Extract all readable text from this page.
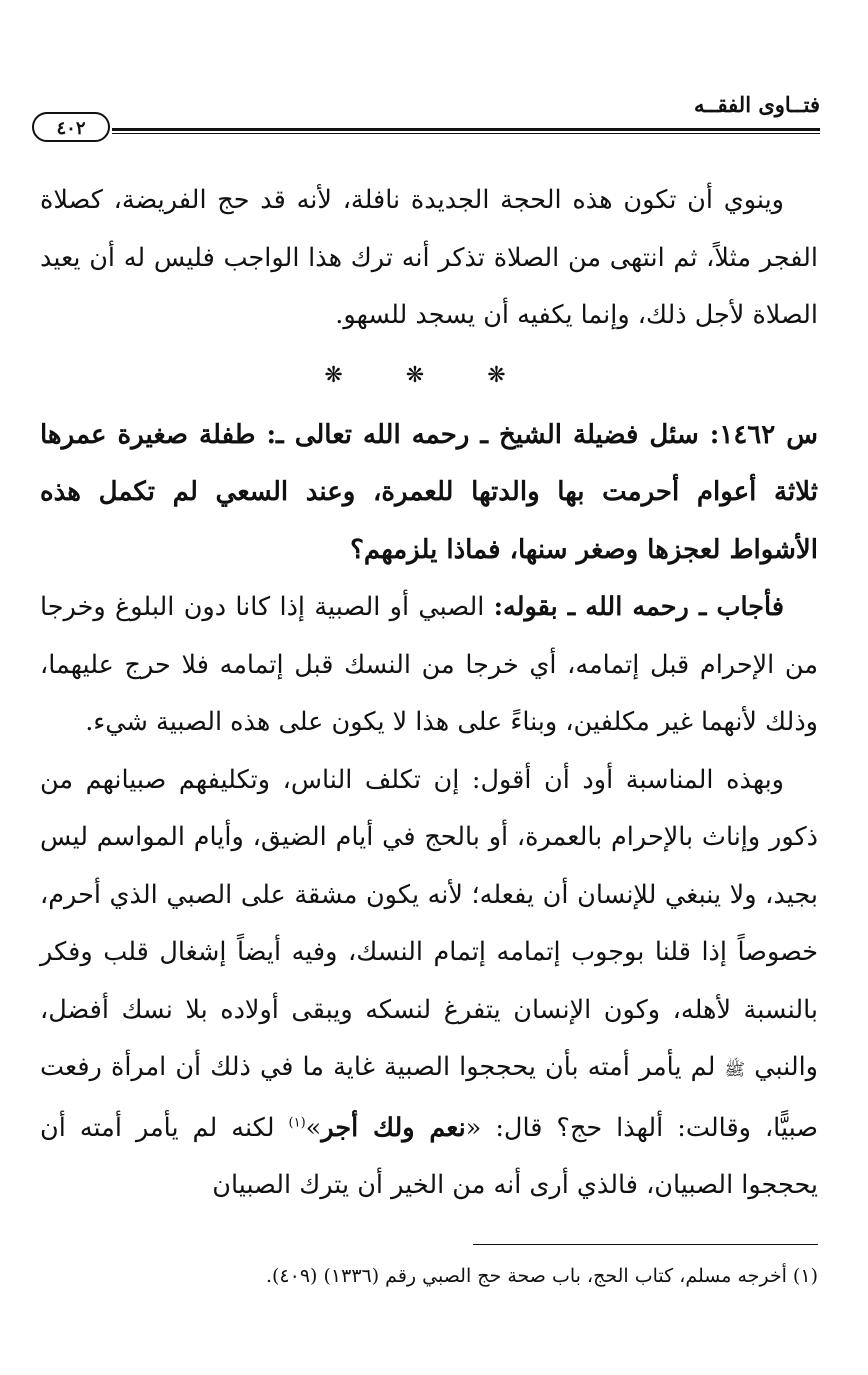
فتــاوى الفقــه
٤٠٢

وينوي أن تكون هذه الحجة الجديدة نافلة، لأنه قد حج الفريضة، كصلاة الفجر مثلاً، ثم انتهى من الصلاة تذكر أنه ترك هذا الواجب فليس له أن يعيد الصلاة لأجل ذلك، وإنما يكفيه أن يسجد للسهو.

❋ ❋ ❋

س ١٤٦٢: سئل فضيلة الشيخ ـ رحمه الله تعالى ـ: طفلة صغيرة عمرها ثلاثة أعوام أحرمت بها والدتها للعمرة، وعند السعي لم تكمل هذه الأشواط لعجزها وصغر سنها، فماذا يلزمهم؟

فأجاب ـ رحمه الله ـ بقوله: الصبي أو الصبية إذا كانا دون البلوغ وخرجا من الإحرام قبل إتمامه، أي خرجا من النسك قبل إتمامه فلا حرج عليهما، وذلك لأنهما غير مكلفين، وبناءً على هذا لا يكون على هذه الصبية شيء.

وبهذه المناسبة أود أن أقول: إن تكلف الناس، وتكليفهم صبيانهم من ذكور وإناث بالإحرام بالعمرة، أو بالحج في أيام الضيق، وأيام المواسم ليس بجيد، ولا ينبغي للإنسان أن يفعله؛ لأنه يكون مشقة على الصبي الذي أحرم، خصوصاً إذا قلنا بوجوب إتمامه إتمام النسك، وفيه أيضاً إشغال قلب وفكر بالنسبة لأهله، وكون الإنسان يتفرغ لنسكه ويبقى أولاده بلا نسك أفضل، والنبي ﷺ لم يأمر أمته بأن يحججوا الصبية غاية ما في ذلك أن امرأة رفعت صبيًّا، وقالت: ألهذا حج؟ قال: «نعم ولك أجر»$^{(١)}$ لكنه لم يأمر أمته أن يحججوا الصبيان، فالذي أرى أنه من الخير أن يترك الصبيان

(١) أخرجه مسلم، كتاب الحج، باب صحة حج الصبي رقم (١٣٣٦) (٤٠٩).
